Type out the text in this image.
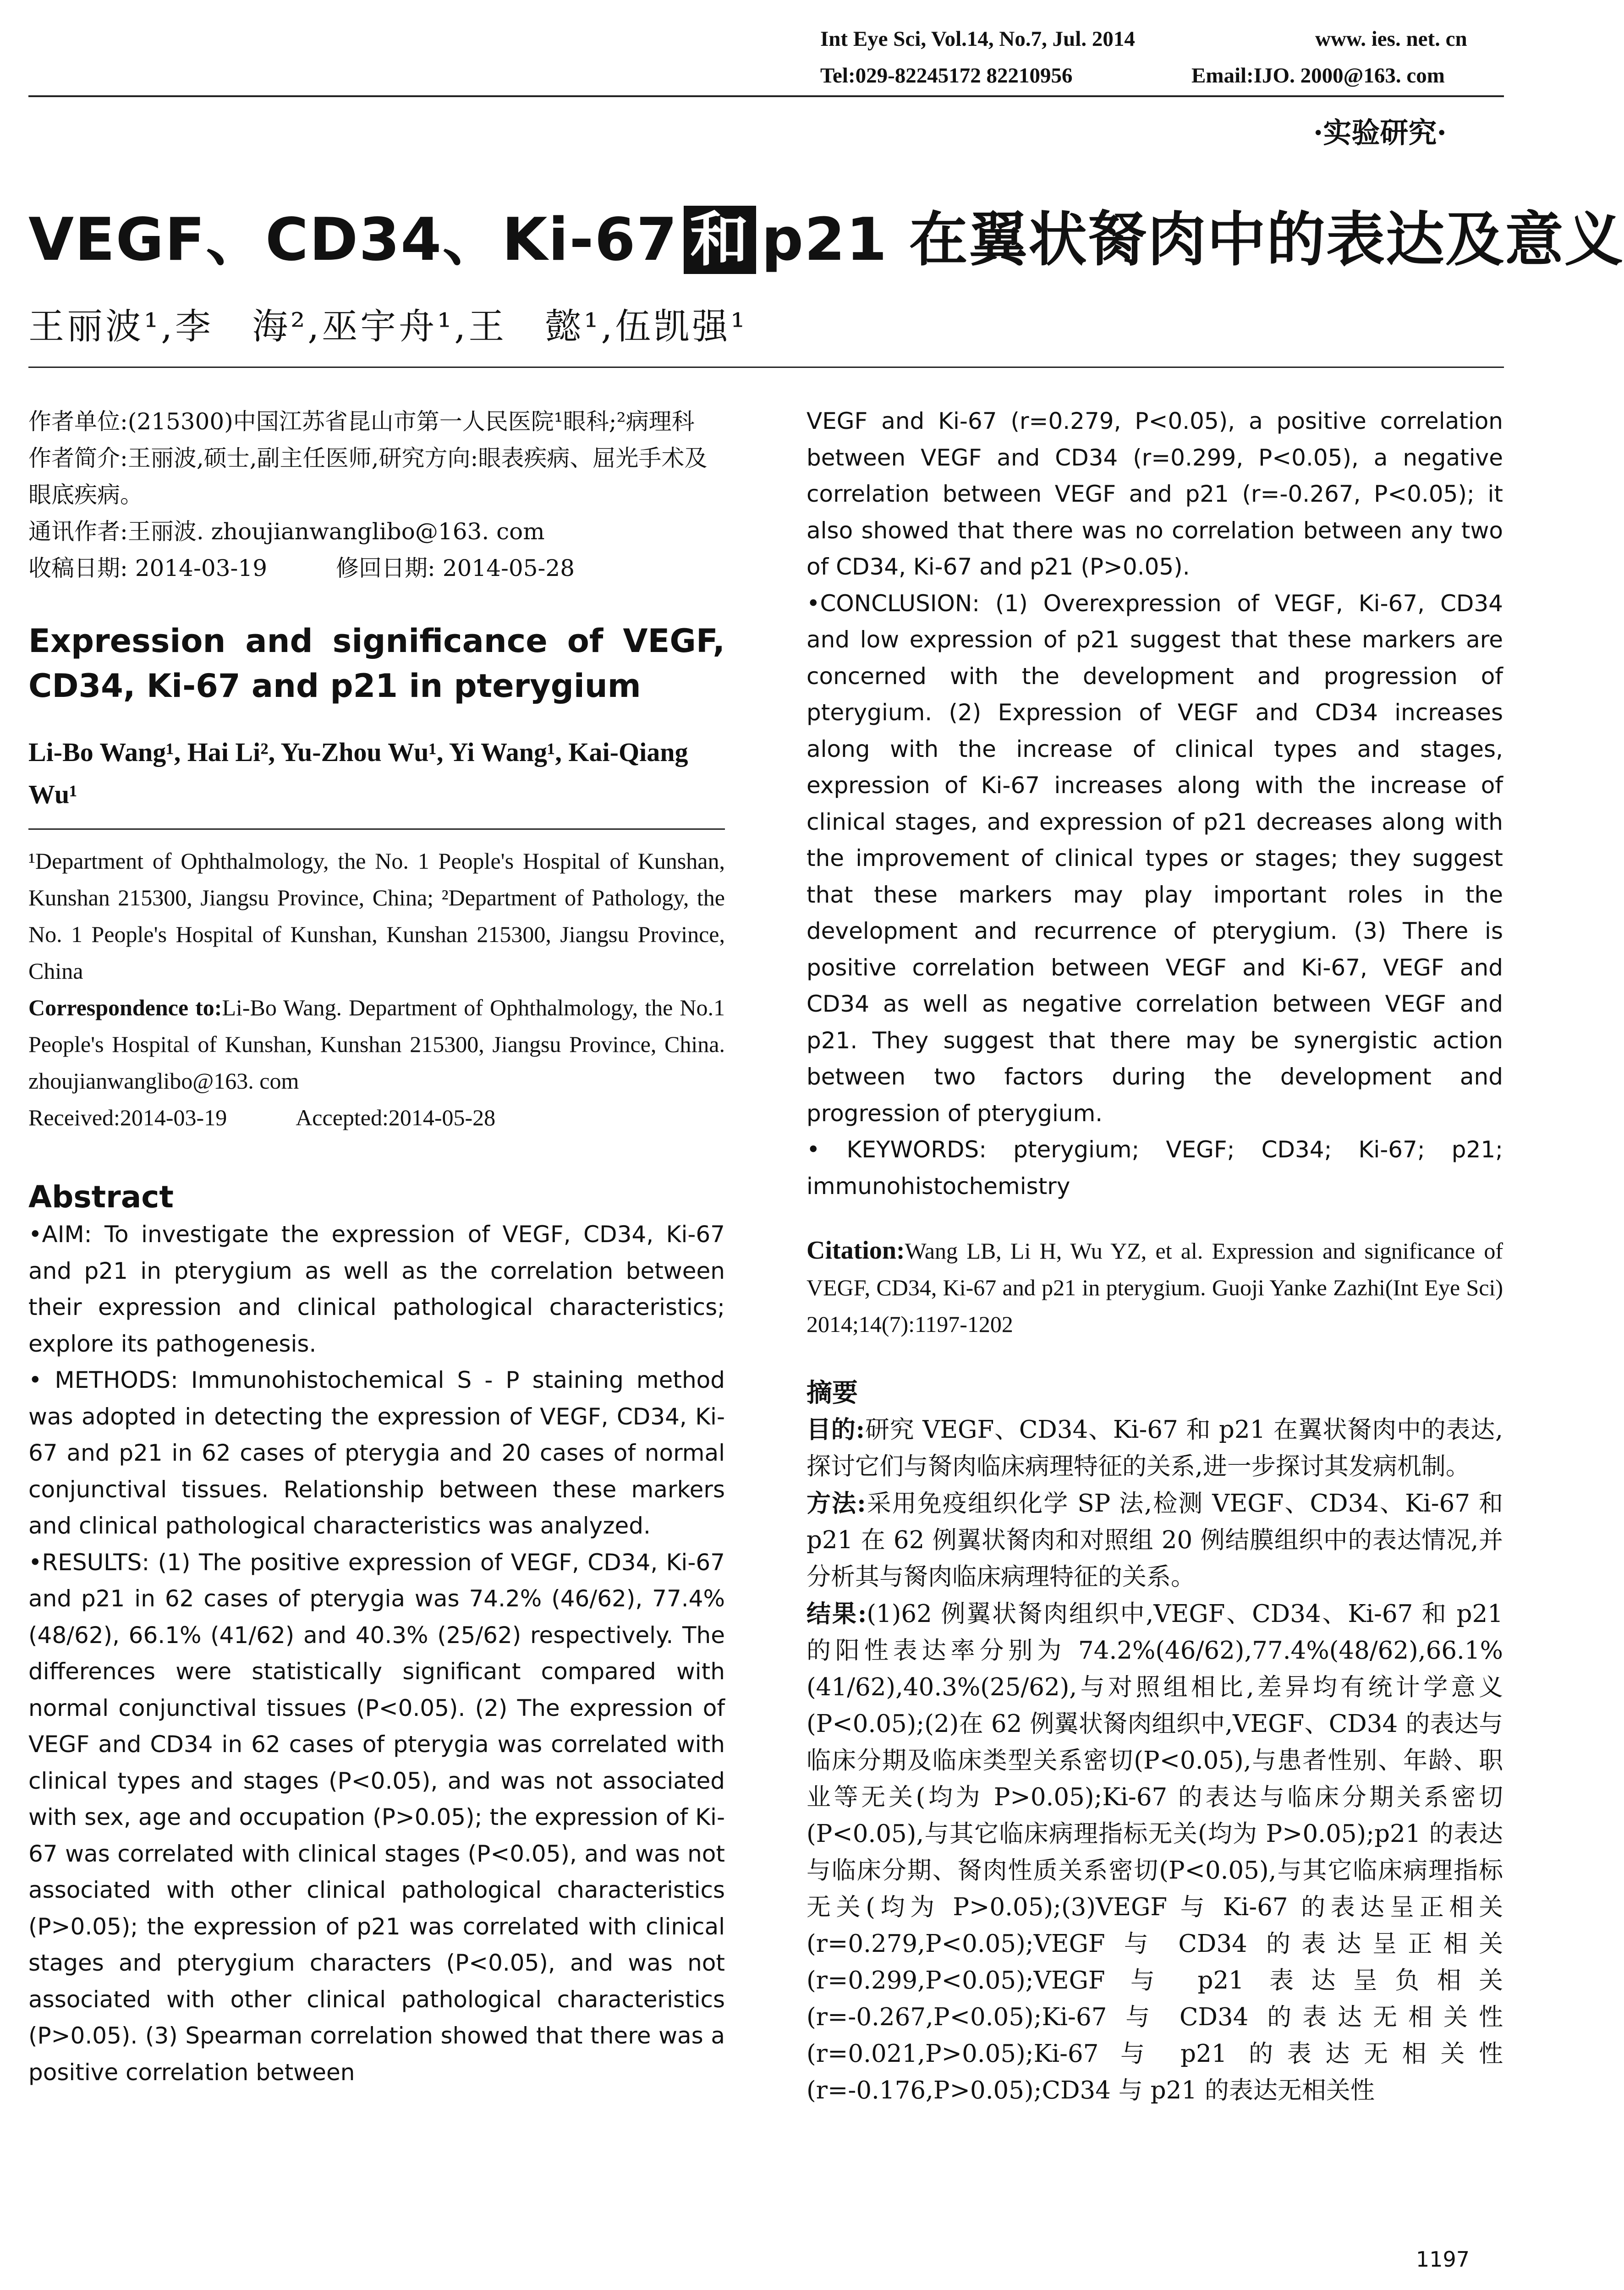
Int Eye Sci, Vol.14, No.7, Jul. 2014	www. ies. net. cn
Tel:029-82245172 82210956	Email:IJO. 2000@163. com
·实验研究·
VEGF、CD34、Ki-67 和 p21 在翼状胬肉中的表达及意义
王丽波¹,李　海²,巫宇舟¹,王　懿¹,伍凯强¹

作者单位:(215300)中国江苏省昆山市第一人民医院¹眼科;²病理科

作者简介:王丽波,硕士,副主任医师,研究方向:眼表疾病、屈光手术及眼底疾病。

通讯作者:王丽波. zhoujianwanglibo@163. com

收稿日期: 2014-03-19　　　修回日期: 2014-05-28

Expression and significance of VEGF, CD34, Ki-67 and p21 in pterygium
Li-Bo Wang¹, Hai Li², Yu-Zhou Wu¹, Yi Wang¹, Kai-Qiang Wu¹
¹Department of Ophthalmology, the No. 1 People's Hospital of Kunshan, Kunshan 215300, Jiangsu Province, China; ²Department of Pathology, the No. 1 People's Hospital of Kunshan, Kunshan 215300, Jiangsu Province, China
Correspondence to:Li-Bo Wang. Department of Ophthalmology, the No.1 People's Hospital of Kunshan, Kunshan 215300, Jiangsu Province, China. zhoujianwanglibo@163. com
Received:2014-03-19　　　Accepted:2014-05-28
Abstract

•AIM: To investigate the expression of VEGF, CD34, Ki-67 and p21 in pterygium as well as the correlation between their expression and clinical pathological characteristics; explore its pathogenesis.

• METHODS: Immunohistochemical S - P staining method was adopted in detecting the expression of VEGF, CD34, Ki-67 and p21 in 62 cases of pterygia and 20 cases of normal conjunctival tissues. Relationship between these markers and clinical pathological characteristics was analyzed.

•RESULTS: (1) The positive expression of VEGF, CD34, Ki-67 and p21 in 62 cases of pterygia was 74.2% (46/62), 77.4% (48/62), 66.1% (41/62) and 40.3% (25/62) respectively. The differences were statistically significant compared with normal conjunctival tissues (P<0.05). (2) The expression of VEGF and CD34 in 62 cases of pterygia was correlated with clinical types and stages (P<0.05), and was not associated with sex, age and occupation (P>0.05); the expression of Ki-67 was correlated with clinical stages (P<0.05), and was not associated with other clinical pathological characteristics (P>0.05); the expression of p21 was correlated with clinical stages and pterygium characters (P<0.05), and was not associated with other clinical pathological characteristics (P>0.05). (3) Spearman correlation showed that there was a positive correlation between

VEGF and Ki-67 (r=0.279, P<0.05), a positive correlation between VEGF and CD34 (r=0.299, P<0.05), a negative correlation between VEGF and p21 (r=-0.267, P<0.05); it also showed that there was no correlation between any two of CD34, Ki-67 and p21 (P>0.05).

•CONCLUSION: (1) Overexpression of VEGF, Ki-67, CD34 and low expression of p21 suggest that these markers are concerned with the development and progression of pterygium. (2) Expression of VEGF and CD34 increases along with the increase of clinical types and stages, expression of Ki-67 increases along with the increase of clinical stages, and expression of p21 decreases along with the improvement of clinical types or stages; they suggest that these markers may play important roles in the development and recurrence of pterygium. (3) There is positive correlation between VEGF and Ki-67, VEGF and CD34 as well as negative correlation between VEGF and p21. They suggest that there may be synergistic action between two factors during the development and progression of pterygium.

• KEYWORDS: pterygium; VEGF; CD34; Ki-67; p21; immunohistochemistry

Citation:Wang LB, Li H, Wu YZ, et al. Expression and significance of VEGF, CD34, Ki-67 and p21 in pterygium. Guoji Yanke Zazhi(Int Eye Sci) 2014;14(7):1197-1202
摘要

目的:研究 VEGF、CD34、Ki-67 和 p21 在翼状胬肉中的表达,探讨它们与胬肉临床病理特征的关系,进一步探讨其发病机制。

方法:采用免疫组织化学 SP 法,检测 VEGF、CD34、Ki-67 和 p21 在 62 例翼状胬肉和对照组 20 例结膜组织中的表达情况,并分析其与胬肉临床病理特征的关系。

结果:(1)62 例翼状胬肉组织中,VEGF、CD34、Ki-67 和 p21 的阳性表达率分别为 74.2%(46/62),77.4%(48/62),66.1%(41/62),40.3%(25/62),与对照组相比,差异均有统计学意义(P<0.05);(2)在 62 例翼状胬肉组织中,VEGF、CD34 的表达与临床分期及临床类型关系密切(P<0.05),与患者性别、年龄、职业等无关(均为 P>0.05);Ki-67 的表达与临床分期关系密切(P<0.05),与其它临床病理指标无关(均为 P>0.05);p21 的表达与临床分期、胬肉性质关系密切(P<0.05),与其它临床病理指标无关(均为 P>0.05);(3)VEGF 与 Ki-67 的表达呈正相关(r=0.279,P<0.05);VEGF 与 CD34 的表达呈正相关(r=0.299,P<0.05);VEGF 与 p21 表达呈负相关(r=-0.267,P<0.05);Ki-67 与 CD34 的表达无相关性(r=0.021,P>0.05);Ki-67 与 p21 的表达无相关性(r=-0.176,P>0.05);CD34 与 p21 的表达无相关性

1197
